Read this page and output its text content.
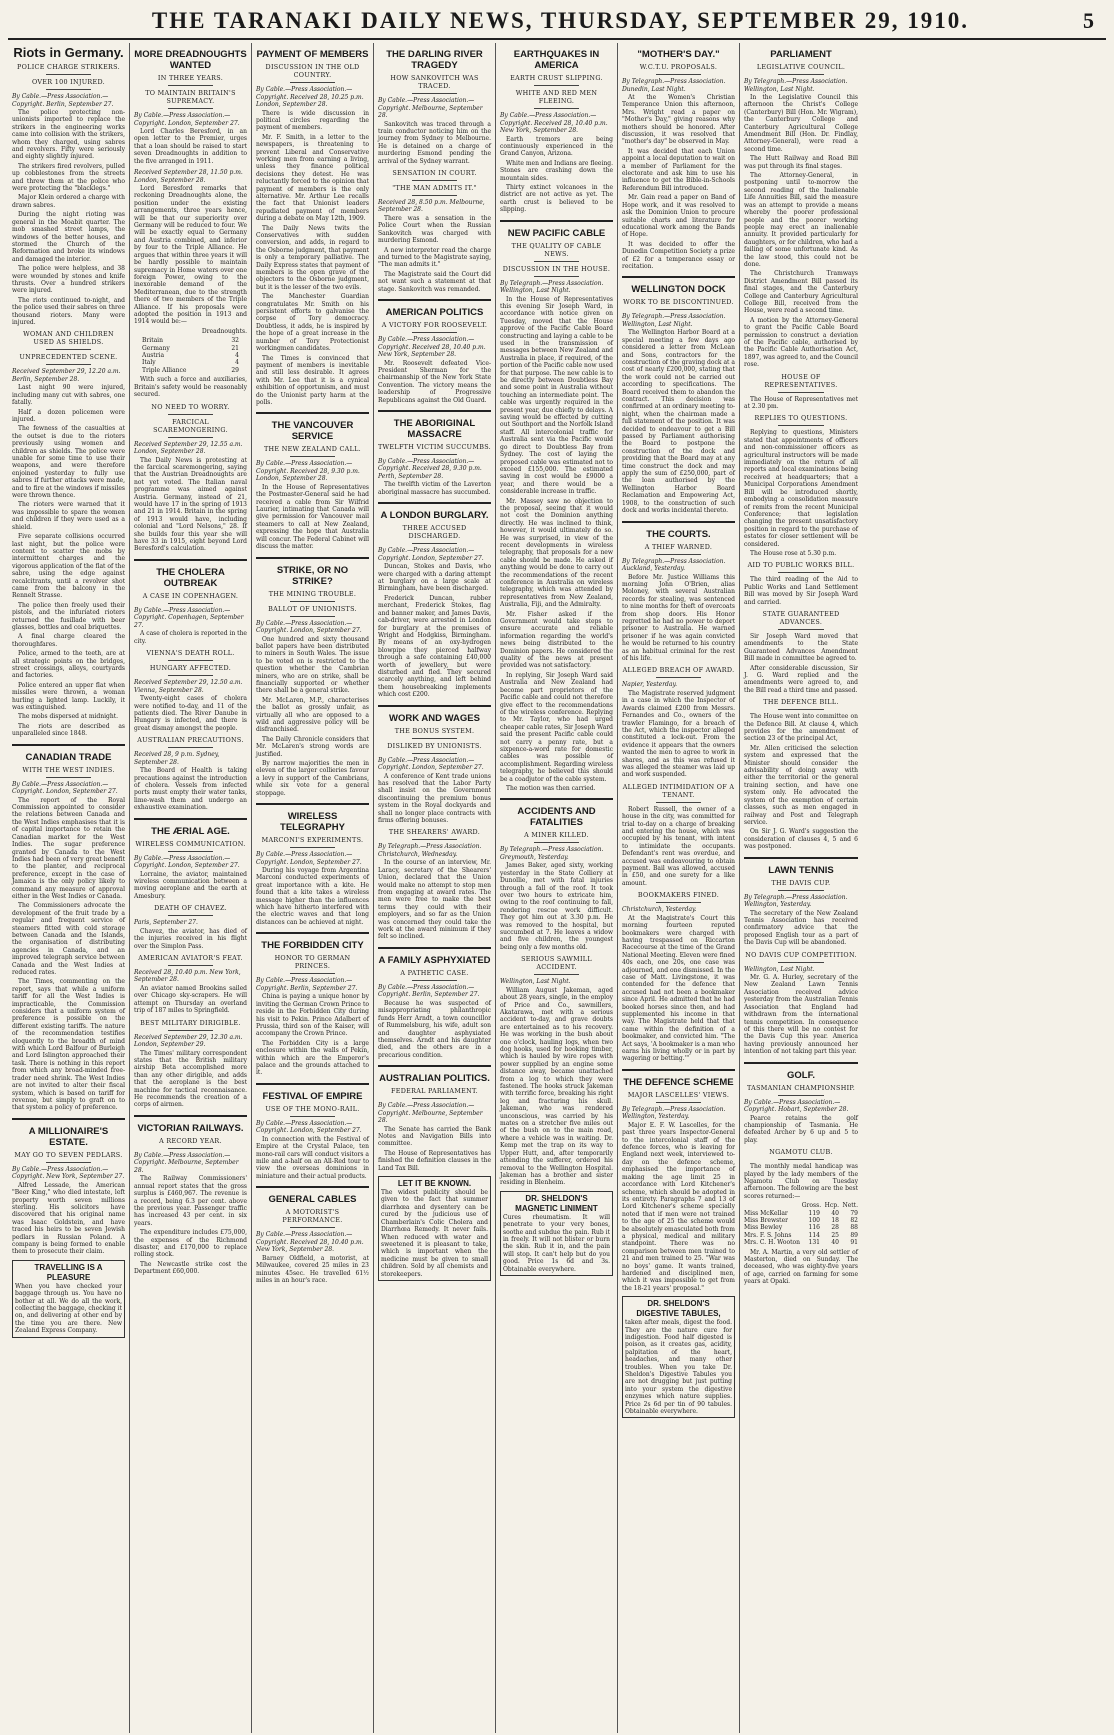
THE TARANAKI DAILY NEWS, THURSDAY, SEPTEMBER 29, 1910.	5
Riots in Germany.
POLICE CHARGE STRIKERS.
OVER 100 INJURED.
By Cable.—Press Association.—Copyright. Berlin, September 27.

The police protecting non-unionists imported to replace the strikers in the engineering works came into collision with the strikers, whom they charged, using sabres and revolvers. Fifty were seriously and eighty slightly injured.

The strikers fired revolvers, pulled up cobblestones from the streets and threw them at the police who were protecting the "blacklegs."

Major Klein ordered a charge with drawn sabres.

During the night rioting was general in the Moabit quarter. The mob smashed street lamps, the windows of the better houses, and stormed the Church of the Reformation and broke its windows and damaged the interior.

The police were helpless, and 38 were wounded by stones and knife thrusts. Over a hundred strikers were injured.

The riots continued to-night, and the police used their sabres on three thousand rioters. Many were injured.

WOMAN AND CHILDREN USED AS SHIELDS.
UNPRECEDENTED SCENE.
Received September 29, 12.20 a.m. Berlin, September 28.

Last night 90 were injured, including many cut with sabres, one fatally.

Half a dozen policemen were injured.

The fewness of the casualties at the outset is due to the rioters previously using women and children as shields. The police were unable for some time to use their weapons, and were therefore enjoined yesterday to fully use sabres if further attacks were made, and to fire at the windows if missiles were thrown thence.

The rioters were warned that it was impossible to spare the women and children if they were used as a shield.

Five separate collisions occurred last night, but the police were content to scatter the mobs by intermittent charges and the vigorous application of the flat of the sabre, using the edge against recalcitrants, until a revolver shot came from the balcony in the Rennelt Strasse.

The police then freely used their pistols, and the infuriated rioters returned the fusillade with beer glasses, bottles and coal briquettes.

A final charge cleared the thoroughfares.

Police, armed to the teeth, are at all strategic points on the bridges, street crossings, alleys, courtyards and factories.

Police entered an upper flat when missiles were thrown, a woman hurling a lighted lamp. Luckily, it was extinguished.

The mobs dispersed at midnight.

The riots are described as unparalleled since 1848.

CANADIAN TRADE
WITH THE WEST INDIES.
By Cable.—Press Association.—Copyright. London, September 27.

The report of the Royal Commission appointed to consider the relations between Canada and the West Indies emphasises that it is of capital importance to retain the Canadian market for the West Indies. The sugar preference granted by Canada to the West Indies had been of very great benefit to the planter, and reciprocal preference, except in the case of Jamaica is the only policy likely to command any measure of approval either in the West Indies or Canada.

The Commissioners advocate the development of the fruit trade by a regular and frequent service of steamers fitted with cold storage between Canada and the Islands, the organisation of distributing agencies in Canada, and an improved telegraph service between Canada and the West Indies at reduced rates.

The Times, commenting on the report, says that while a uniform tariff for all the West Indies is impracticable, the Commission considers that a uniform system of preference is possible on the different existing tariffs. The nature of the recommendation testifies eloquently to the breadth of mind with which Lord Balfour of Burleigh and Lord Islington approached their task. There is nothing in this report from which any broad-minded free-trader need shrink. The West Indies are not invited to alter their fiscal system, which is based on tariff for revenue, but simply to graft on to that system a policy of preference.

A MILLIONAIRE'S ESTATE.
MAY GO TO SEVEN PEDLARS.
By Cable.—Press Association.—Copyright. New York, September 27.

Alfred Lessade, the American "Beer King," who died intestate, left property worth seven millions sterling. His solicitors have discovered that his original name was Isaac Goldstein, and have traced his heirs to be seven Jewish pedlars in Russian Poland. A company is being formed to enable them to prosecute their claim.

TRAVELLING IS A PLEASURE
When you have checked your baggage through us. You have no bother at all. We do all the work, collecting the baggage, checking it on, and delivering at other end by the time you are there. New Zealand Express Company.
MORE DREADNOUGHTS WANTED
IN THREE YEARS.
TO MAINTAIN BRITAIN'S SUPREMACY.
By Cable.—Press Association.—Copyright. London, September 27.

Lord Charles Beresford, in an open letter to the Premier, urges that a loan should be raised to start seven Dreadnoughts in addition to the five arranged in 1911.

Received September 28, 11.50 p.m. London, September 28.

Lord Beresford remarks that reckoning Dreadnoughts alone, the position under the existing arrangements, three years hence, will be that our superiority over Germany will be reduced to four. We will be exactly equal to Germany and Austria combined, and inferior by four to the Triple Alliance. He argues that within three years it will be hardly possible to maintain supremacy in Home waters over one foreign Power, owing to the inexorable demand of the Mediterranean, due to the strength there of two members of the Triple Alliance. If his proposals were adopted the position in 1913 and 1914 would be:—

Dreadnoughts.
Britain	32
Germany	21
Austria	4
Italy	4
Triple Alliance	29

With such a force and auxiliaries, Britain's safety would be reasonably secured.

NO NEED TO WORRY.
FARCICAL SCAREMONGERING.
Received September 29, 12.55 a.m. London, September 28.

The Daily News is protesting at the farcical scaremongering, saying that the Austrian Dreadnoughts are not yet voted. The Italian naval programme was aimed against Austria. Germany, instead of 21, would have 17 in the spring of 1913 and 21 in 1914. Britain in the spring of 1913 would have, including colonial and "Lord Nelsons," 28. If she builds four this year she will have 33 in 1915, eight beyond Lord Beresford's calculation.

THE CHOLERA OUTBREAK
A CASE IN COPENHAGEN.
By Cable.—Press Association.—Copyright. Copenhagen, September 27.

A case of cholera is reported in the city.

VIENNA'S DEATH ROLL.
HUNGARY AFFECTED.
Received September 29, 12.50 a.m. Vienna, September 28.

Twenty-eight cases of cholera were notified to-day, and 11 of the patients died. The River Danube in Hungary is infected, and there is great dismay amongst the people.

AUSTRALIAN PRECAUTIONS.
Received 28, 9 p.m. Sydney, September 28.

The Board of Health is taking precautions against the introduction of cholera. Vessels from infected ports must empty their water tanks, lime-wash them and undergo an exhaustive examination.

THE ÆRIAL AGE.
WIRELESS COMMUNICATION.
By Cable.—Press Association.—Copyright. London, September 27.

Lorraine, the aviator, maintained wireless communication between a moving aeroplane and the earth at Amesbury.

DEATH OF CHAVEZ.
Paris, September 27.

Chavez, the aviator, has died of the injuries received in his flight over the Simplon Pass.

AMERICAN AVIATOR'S FEAT.
Received 28, 10.40 p.m. New York, September 28.

An aviator named Brookins sailed over Chicago sky-scrapers. He will attempt on Thursday an overland trip of 187 miles to Springfield.

BEST MILITARY DIRIGIBLE.
Received September 29, 12.30 a.m. London, September 29.

The Times' military correspondent states that the British military airship Beta accomplished more than any other dirigible, and adds that the aeroplane is the best machine for tactical reconnaisance. He recommends the creation of a corps of airmen.

VICTORIAN RAILWAYS.
A RECORD YEAR.
By Cable.—Press Association.—Copyright. Melbourne, September 28.

The Railway Commissioners' annual report states that the gross surplus is £460,967. The revenue is a record, being 6.3 per cent. above the previous year. Passenger traffic has increased 43 per cent. in six years.

The expenditure includes £75,000, the expenses of the Richmond disaster, and £170,000 to replace rolling stock.

The Newcastle strike cost the Department £60,000.

PAYMENT OF MEMBERS
DISCUSSION IN THE OLD COUNTRY.
By Cable.—Press Association.—Copyright. Received 28, 10.25 p.m. London, September 28.

There is wide discussion in political circles regarding the payment of members.

Mr. F. Smith, in a letter to the newspapers, is threatening to prevent Liberal and Conservative working men from earning a living, unless they finance political decisions they detest. He was reluctantly forced to the opinion that payment of members is the only alternative. Mr. Arthur Lee recalls the fact that Unionist leaders repudiated payment of members during a debate on May 12th, 1909.

The Daily News twits the Conservatives with sudden conversion, and adds, in regard to the Osborne judgment, that payment is only a temporary palliative. The Daily Express states that payment of members is the open grave of the objectors to the Osborne judgment, but it is the lesser of the two evils.

The Manchester Guardian congratulates Mr. Smith on his persistent efforts to galvanise the corpse of Tory democracy. Doubtless, it adds, he is inspired by the hope of a great increase in the number of Tory Protectionist workingmen candidates.

The Times is convinced that payment of members is inevitable and still less desirable. It agrees with Mr. Lee that it is a cynical exhibition of opportunism, and must do the Unionist party harm at the polls.

THE VANCOUVER SERVICE
THE NEW ZEALAND CALL.
By Cable.—Press Association.—Copyright. Received 28, 9.30 p.m. London, September 28.

In the House of Representatives the Postmaster-General said he had received a cable from Sir Wilfrid Laurier, intimating that Canada will give permission for Vancouver mail steamers to call at New Zealand, expressing the hope that Australia will concur. The Federal Cabinet will discuss the matter.

STRIKE, OR NO STRIKE?
THE MINING TROUBLE.
BALLOT OF UNIONISTS.
By Cable.—Press Association.—Copyright. London, September 27.

One hundred and sixty thousand ballot papers have been distributed to miners in South Wales. The issue to be voted on is restricted to the question whether the Cambrian miners, who are on strike, shall be financially supported or whether there shall be a general strike.

Mr. McLaren, M.P., characterises the ballot as grossly unfair, as virtually all who are opposed to a wild and aggressive policy will be disfranchised.

The Daily Chronicle considers that Mr. McLaren's strong words are justified.

By narrow majorities the men in eleven of the larger collieries favour a levy in support of the Cambrians, while six vote for a general stoppage.

WIRELESS TELEGRAPHY
MARCONI'S EXPERIMENTS.
By Cable.—Press Association.—Copyright. London, September 27.

During his voyage from Argentina Marconi conducted experiments of great importance with a kite. He found that a kite takes a wireless message higher than the influences which have hitherto interfered with the electric waves and that long distances can be achieved at night.

THE FORBIDDEN CITY
HONOR TO GERMAN PRINCES.
By Cable.—Press Association.—Copyright. Berlin, September 27.

China is paying a unique honor by inviting the German Crown Prince to reside in the Forbidden City during his visit to Pekin. Prince Adalbert of Prussia, third son of the Kaiser, will accompany the Crown Prince.

The Forbidden City is a large enclosure within the walls of Pekin, within which are the Emperor's palace and the grounds attached to it.

FESTIVAL OF EMPIRE
USE OF THE MONO-RAIL.
By Cable.—Press Association.—Copyright. London, September 27.

In connection with the Festival of Empire at the Crystal Palace, ten mono-rail cars will conduct visitors a mile and a-half on an All-Red tour to view the overseas dominions in miniature and their actual products.

GENERAL CABLES
A MOTORIST'S PERFORMANCE.
By Cable.—Press Association.—Copyright. Received 28, 10.40 p.m. New York, September 28.

Barney Oldfield, a motorist, at Milwaukee, covered 25 miles in 23 minutes 45sec. He travelled 61½ miles in an hour's race.

THE DARLING RIVER TRAGEDY
HOW SANKOVITCH WAS TRACED.
By Cable.—Press Association.—Copyright. Melbourne, September 28.

Sankovitch was traced through a train conductor noticing him on the journey from Sydney to Melbourne. He is detained on a charge of murdering Esmond pending the arrival of the Sydney warrant.

SENSATION IN COURT.
"THE MAN ADMITS IT."
Received 28, 8.50 p.m. Melbourne, September 28.

There was a sensation in the Police Court when the Russian Sankovitch was charged with murdering Esmond.

A new interpreter read the charge and turned to the Magistrate saying, "The man admits it."

The Magistrate said the Court did not want such a statement at that stage. Sankovitch was remanded.

AMERICAN POLITICS
A VICTORY FOR ROOSEVELT.
By Cable.—Press Association.—Copyright. Received 28, 10.40 p.m. New York, September 28.

Mr. Roosevelt defeated Vice-President Sherman for the chairmanship of the New York State Convention. The victory means the leadership of Progressive Republicans against the Old Guard.

THE ABORIGINAL MASSACRE
TWELFTH VICTIM SUCCUMBS.
By Cable.—Press Association.—Copyright. Received 28, 9.30 p.m. Perth, September 28.

The twelfth victim of the Laverton aboriginal massacre has succumbed.

A LONDON BURGLARY.
THREE ACCUSED DISCHARGED.
By Cable.—Press Association.—Copyright. London, September 27.

Duncan, Stokes and Davis, who were charged with a daring attempt at burglary on a large scale at Birmingham, have been discharged.

Frederick Duncan, rubber merchant, Frederick Stokes, flag and banner maker, and James Davis, cab-driver, were arrested in London for burglary at the premises of Wright and Hodgkiss, Birmingham. By means of an oxy-hydrogen blowpipe they pierced halfway through a safe containing £40,000 worth of jewellery, but were disturbed and fled. They secured scarcely anything, and left behind them housebreaking implements which cost £200.

WORK AND WAGES
THE BONUS SYSTEM.
DISLIKED BY UNIONISTS.
By Cable.—Press Association.—Copyright. London, September 27.

A conference of Kent trade unions has resolved that the Labor Party shall insist on the Government discontinuing the premium bonus system in the Royal dockyards and shall no longer place contracts with firms offering bonuses.

THE SHEARERS' AWARD.
By Telegraph.—Press Association. Christchurch, Wednesday.

In the course of an interview, Mr. Laracy, secretary of the Shearers' Union, declared that the Union would make no attempt to stop men from engaging at award rates. The men were free to make the best terms they could with their employers, and so far as the Union was concerned they could take the work at the award minimum if they felt so inclined.

A FAMILY ASPHYXIATED
A PATHETIC CASE.
By Cable.—Press Association.—Copyright. Berlin, September 27.

Because he was suspected of misappropriating philanthropic funds Herr Arndt, a town councillor of Rummelsburg, his wife, adult son and daughter asphyxiated themselves. Arndt and his daughter died, and the others are in a precarious condition.

AUSTRALIAN POLITICS.
FEDERAL PARLIAMENT.
By Cable.—Press Association.—Copyright. Melbourne, September 28.

The Senate has carried the Bank Notes and Navigation Bills into committee.

The House of Representatives has finished the definition clauses in the Land Tax Bill.

LET IT BE KNOWN.
The widest publicity should be given to the fact that summer diarrhœa and dysentery can be cured by the judicious use of Chamberlain's Colic Cholera and Diarrhœa Remedy. It never fails. When reduced with water and sweetened it is pleasant to take, which is important when the medicine must be given to small children. Sold by all chemists and storekeepers.
EARTHQUAKES IN AMERICA
EARTH CRUST SLIPPING.
WHITE AND RED MEN FLEEING.
By Cable.—Press Association.—Copyright. Received 28, 10.40 p.m. New York, September 28.

Earth tremors are being continuously experienced in the Grand Canyon, Arizona.

White men and Indians are fleeing. Stones are crashing down the mountain sides.

Thirty extinct volcanoes in the district are not active as yet. The earth crust is believed to be slipping.

NEW PACIFIC CABLE
THE QUALITY OF CABLE NEWS.
DISCUSSION IN THE HOUSE.
By Telegraph.—Press Association. Wellington, Last Night.

In the House of Representatives this evening Sir Joseph Ward, in accordance with notice given on Tuesday, moved that the House approve of the Pacific Cable Board constructing and laying a cable to be used in the transmission of messages between New Zealand and Australia in place, if required, of the portion of the Pacific cable now used for that purpose. The new cable is to be directly between Doubtless Bay and some point in Australia without touching an intermediate point. The cable was urgently required in the present year, due chiefly to delays. A saving would be effected by cutting out Southport and the Norfolk Island staff. All intercolonial traffic for Australia sent via the Pacific would go direct to Doubtless Bay from Sydney. The cost of laying the proposed cable was estimated not to exceed £155,000. The estimated saving in cost would be £9000 a year, and there would be a considerable increase in traffic.

Mr. Massey saw no objection to the proposal, seeing that it would not cost the Dominion anything directly. He was inclined to think, however, it would ultimately do so. He was surprised, in view of the recent developments in wireless telegraphy, that proposals for a new cable should be made. He asked if anything would be done to carry out the recommendations of the recent conference in Australia on wireless telegraphy, which was attended by representatives from New Zealand, Australia, Fiji, and the Admiralty.

Mr. Fisher asked if the Government would take steps to ensure accurate and reliable information regarding the world's news being distributed to the Dominion papers. He considered the quality of the news at present provided was not satisfactory.

In replying, Sir Joseph Ward said Australia and New Zealand had become part proprietors of the Pacific cable and could not therefore give effect to the recommendations of the wireless conference. Replying to Mr. Taylor, who had urged cheaper cable rates, Sir Joseph Ward said the present Pacific cable could not carry a penny rate, but a sixpence-a-word rate for domestic cables was possible of accomplishment. Regarding wireless telegraphy, he believed this should be a coadjutor of the cable system.

The motion was then carried.

ACCIDENTS AND FATALITIES
A MINER KILLED.
By Telegraph.—Press Association. Greymouth, Yesterday.

James Baker, aged sixty, working yesterday in the State Colliery at Dunollie, met with fatal injuries through a fall of the roof. It took over two hours to extricate him, owing to the roof continuing to fall, rendering rescue work difficult. They got him out at 3.30 p.m. He was removed to the hospital, but succumbed at 7. He leaves a widow and five children, the youngest being only a few months old.

SERIOUS SAWMILL ACCIDENT.
Wellington, Last Night.

William August Jakeman, aged about 28 years, single, in the employ of Price and Co., sawmillers, Akatarawa, met with a serious accident to-day, and grave doubts are entertained as to his recovery. He was working in the bush about one o'clock, hauling logs, when two dog hooks, used for hooking timber, which is hauled by wire ropes with power supplied by an engine some distance away, became unattached from a log to which they were fastened. The hooks struck Jakeman with terrific force, breaking his right leg and fracturing his skull. Jakeman, who was rendered unconscious, was carried by his mates on a stretcher five miles out of the bush on to the main road, where a vehicle was in waiting. Dr. Kemp met the trap on its way to Upper Hutt, and, after temporarily attending the sufferer, ordered his removal to the Wellington Hospital. Jakeman has a brother and sister residing in Blenheim.

DR. SHELDON'S MAGNETIC LINIMENT
Cures rheumatism. It will penetrate to your very bones, soothe and subdue the pain. Rub it in freely. It will not blister or burn the skin. Rub it in, and the pain will stop. It can't help but do you good. Price 1s 6d and 3s. Obtainable everywhere.
"MOTHER'S DAY."
W.C.T.U. PROPOSALS.
By Telegraph.—Press Association. Dunedin, Last Night.

At the Women's Christian Temperance Union this afternoon, Mrs. Wright read a paper on "Mother's Day," giving reasons why mothers should be honored. After discussion, it was resolved that "mother's day" be observed in May.

It was decided that each Union appoint a local deputation to wait on a member of Parliament for the electorate and ask him to use his influence to get the Bible-in-Schools Referendum Bill introduced.

Mr. Gain read a paper on Band of Hope work, and it was resolved to ask the Dominion Union to procure suitable charts and literature for educational work among the Bands of Hope.

It was decided to offer the Dunedin Competition Society a prize of £2 for a temperance essay or recitation.

WELLINGTON DOCK
WORK TO BE DISCONTINUED.
By Telegraph.—Press Association. Wellington, Last Night.

The Wellington Harbor Board at a special meeting a few days ago considered a letter from McLean and Sons, contractors for the construction of the graving dock at a cost of nearly £200,000, stating that the work could not be carried out according to specifications. The Board received them to abandon the contract. This decision was confirmed at an ordinary meeting to-night, when the chairman made a full statement of the position. It was decided to endeavour to get a Bill passed by Parliament authorising the Board to postpone the construction of the dock and providing that the Board may at any time construct the dock and may apply the sum of £250,000, part of the loan authorised by the Wellington Harbor Board Reclamation and Empowering Act, 1908, to the construction of such dock and works incidental thereto.

THE COURTS.
A THIEF WARNED.
By Telegraph.—Press Association. Auckland, Yesterday.

Before Mr. Justice Williams this morning John O'Brien, alias Moloney, with several Australian records for stealing, was sentenced to nine months for theft of overcoats from shop doors. His Honor regretted he had no power to deport prisoner to Australia. He warned prisoner if he was again convicted he would be returned to his country as an habitual criminal for the rest of his life.

ALLEGED BREACH OF AWARD.
Napier, Yesterday.

The Magistrate reserved judgment in a case in which the Inspector of Awards claimed £200 from Messrs. Fernandes and Co., owners of the trawler Flamingo, for a breach of the Act, which the inspector alleged constituted a lock-out. From the evidence it appears that the owners wanted the men to agree to work in shares, and as this was refused it was alleged the steamer was laid up and work suspended.

ALLEGED INTIMIDATION OF A TENANT.

Robert Russell, the owner of a house in the city, was committed for trial to-day on a charge of breaking and entering the house, which was occupied by his tenant, with intent to intimidate the occupants. Defendant's rent was overdue, and accused was endeavouring to obtain payment. Bail was allowed, accused in £50, and one surety for a like amount.

BOOKMAKERS FINED.
Christchurch, Yesterday.

At the Magistrate's Court this morning fourteen reputed bookmakers were charged with having trespassed on Riccarton Racecourse at the time of the Grand National Meeting. Eleven were fined 40s each, one 20s, one case was adjourned, and one dismissed. In the case of Matt. Livingstone, it was contended for the defence that accused had not been a bookmaker since April. He admitted that he had booked horses since then, and had supplemented his income in that way. The Magistrate held that that came within the definition of a bookmaker, and convicted him. "The Act says, 'A bookmaker is a man who earns his living wholly or in part by wagering or betting.'"

THE DEFENCE SCHEME
MAJOR LASCELLES' VIEWS.
By Telegraph.—Press Association. Wellington, Yesterday.

Major E. F. W. Lascelles, for the past three years Inspector-General to the intercolonial staff of the defence forces, who is leaving for England next week, interviewed to-day on the defence scheme, emphasised the importance of making the age limit 25 in accordance with Lord Kitchener's scheme, which should be adopted in its entirety. Paragraphs 7 and 13 of Lord Kitchener's scheme specially noted that if men were not trained to the age of 25 the scheme would be absolutely emasculated both from a physical, medical and military standpoint. There was no comparison between men trained to 21 and men trained to 25. "War was no boys' game. It wants trained, hardened and disciplined men, which it was impossible to get from the 18-21 years' proposal."

DR. SHELDON'S DIGESTIVE TABULES,
taken after meals, digest the food. They are the nature cure for indigestion. Food half digested is poison, as it creates gas, acidity, palpitation of the heart, headaches, and many other troubles. When you take Dr. Sheldon's Digestive Tabules you are not drugging but just putting into your system the digestive enzymes which nature supplies. Price 2s 6d per tin of 90 tabules. Obtainable everywhere.
PARLIAMENT
LEGISLATIVE COUNCIL.
By Telegraph.—Press Association. Wellington, Last Night.

In the Legislative Council this afternoon the Christ's College (Canterbury) Bill (Hon. Mr. Wigram), the Canterbury College and Canterbury Agricultural College Amendment Bill (Hon. Dr. Findlay, Attorney-General), were read a second time.

The Hutt Railway and Road Bill was put through its final stages.

The Attorney-General, in postponing until to-morrow the second reading of the Inalienable Life Annuities Bill, said the measure was an attempt to provide a means whereby the poorer professional people and the poorer working people may erect an inalienable annuity. It provided particularly for daughters, or for children, who had a failing of some unfortunate kind. As the law stood, this could not be done.

The Christchurch Tramways District Amendment Bill passed its final stages, and the Canterbury College and Canterbury Agricultural College Bill, received from the House, were read a second time.

A motion by the Attorney-General to grant the Pacific Cable Board permission to construct a deviation of the Pacific cable, authorised by the Pacific Cable Authorisation Act, 1897, was agreed to, and the Council rose.

HOUSE OF REPRESENTATIVES.

The House of Representatives met at 2.30 pm.

REPLIES TO QUESTIONS.

Replying to questions, Ministers stated that appointments of officers and non-commissioner officers as agricultural instructors will be made immediately on the return of all reports and local examinations being received at headquarters; that a Municipal Corporations Amendment Bill will be introduced shortly, embodying a consolidation measure of remits from the recent Municipal Conference; that legislation changing the present unsatisfactory position in regard to the purchase of estates for closer settlement will be considered.

The House rose at 5.30 p.m.

AID TO PUBLIC WORKS BILL.

The third reading of the Aid to Public Works and Land Settlement Bill was moved by Sir Joseph Ward and carried.

STATE GUARANTEED ADVANCES.

Sir Joseph Ward moved that amendments to the State Guaranteed Advances Amendment Bill made in committee be agreed to.

After considerable discussion, Sir J. G. Ward replied and the amendments were agreed to, and the Bill read a third time and passed.

THE DEFENCE BILL.

The House went into committee on the Defence Bill. At clause 4, which provides for the amendment of section 23 of the principal Act,

Mr. Allen criticised the selection system and expressed that the Minister should consider the advisability of doing away with either the territorial or the general training section, and have one system only. He advocated the system of the exemption of certain classes, such as men engaged in railway and Post and Telegraph service.

On Sir J. G. Ward's suggestion the consideration of clauses 4, 5 and 6 was postponed.

LAWN TENNIS
THE DAVIS CUP.
By Telegraph.—Press Association. Wellington, Yesterday.

The secretary of the New Zealand Tennis Association has received confirmatory advice that the proposed English tour as a part of the Davis Cup will be abandoned.

NO DAVIS CUP COMPETITION.
Wellington, Last Night.

Mr. G. A. Hurley, secretary of the New Zealand Lawn Tennis Association received advice yesterday from the Australian Tennis Association that England had withdrawn from the international tennis competition. In consequence of this there will be no contest for the Davis Cup this year. America having previously announced her intention of not taking part this year.

GOLF.
TASMANIAN CHAMPIONSHIP.
By Cable.—Press Association.—Copyright. Hobart, September 28.

Pearce retains the golf championship of Tasmania. He defeated Archer by 6 up and 5 to play.

NGAMOTU CLUB.

The monthly medal handicap was played by the lady members of the Ngamotu Club on Tuesday afternoon. The following are the best scores returned:—

Gross. Hcp. Nett.
Miss McKellar	119	40	79
Miss Brewster	100	18	82
Miss Bewley	116	28	88
Mrs. F. S. Johns	114	25	89
Mrs. C. H. Wooton	131	40	91

Mr. A. Martin, a very old settler of Masterton, died on Sunday. The deceased, who was eighty-five years of age, carried on farming for some years at Opaki.
